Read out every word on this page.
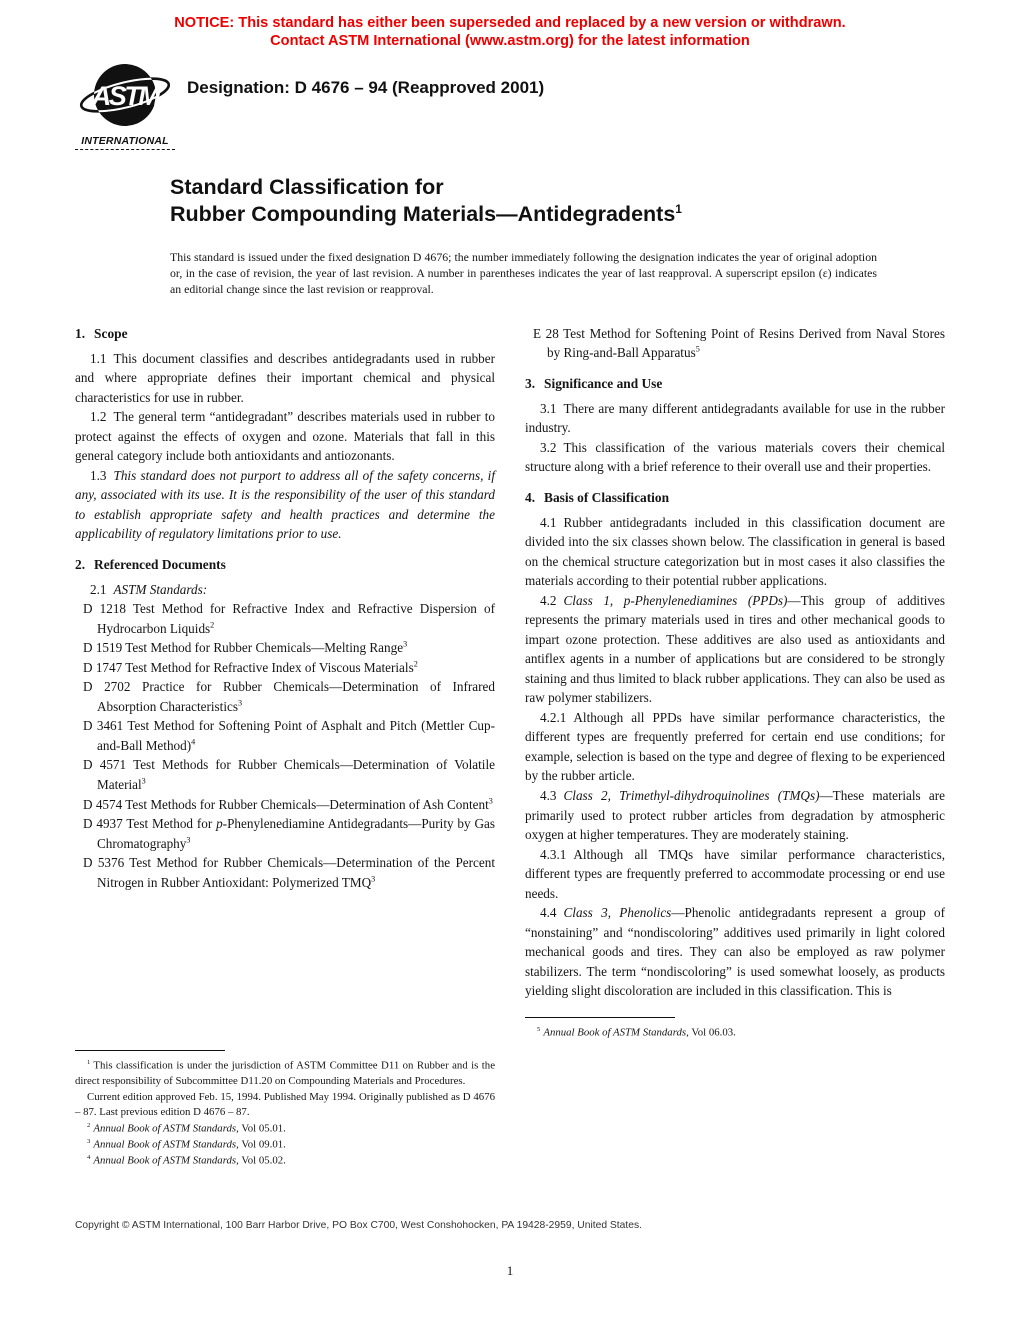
NOTICE: This standard has either been superseded and replaced by a new version or withdrawn.
Contact ASTM International (www.astm.org) for the latest information
ASTM
INTERNATIONAL
Designation: D 4676 – 94 (Reapproved 2001)
Standard Classification for
Rubber Compounding Materials—Antidegradents$^1$

This standard is issued under the fixed designation D 4676; the number immediately following the designation indicates the year of original adoption or, in the case of revision, the year of last revision. A number in parentheses indicates the year of last reapproval. A superscript epsilon (ε) indicates an editorial change since the last revision or reapproval.

1. Scope

1.1 This document classifies and describes antidegradants used in rubber and where appropriate defines their important chemical and physical characteristics for use in rubber.

1.2 The general term “antidegradant” describes materials used in rubber to protect against the effects of oxygen and ozone. Materials that fall in this general category include both antioxidants and antiozonants.

1.3 This standard does not purport to address all of the safety concerns, if any, associated with its use. It is the responsibility of the user of this standard to establish appropriate safety and health practices and determine the applicability of regulatory limitations prior to use.

2. Referenced Documents

2.1 ASTM Standards:

D 1218 Test Method for Refractive Index and Refractive Dispersion of Hydrocarbon Liquids$^2$

D 1519 Test Method for Rubber Chemicals—Melting Range$^3$

D 1747 Test Method for Refractive Index of Viscous Materials$^2$

D 2702 Practice for Rubber Chemicals—Determination of Infrared Absorption Characteristics$^3$

D 3461 Test Method for Softening Point of Asphalt and Pitch (Mettler Cup-and-Ball Method)$^4$

D 4571 Test Methods for Rubber Chemicals—Determination of Volatile Material$^3$

D 4574 Test Methods for Rubber Chemicals—Determination of Ash Content$^3$

D 4937 Test Method for p-Phenylenediamine Antidegradants—Purity by Gas Chromatography$^3$

D 5376 Test Method for Rubber Chemicals—Determination of the Percent Nitrogen in Rubber Antioxidant: Polymerized TMQ$^3$

$^1$ This classification is under the jurisdiction of ASTM Committee D11 on Rubber and is the direct responsibility of Subcommittee D11.20 on Compounding Materials and Procedures.

Current edition approved Feb. 15, 1994. Published May 1994. Originally published as D 4676 – 87. Last previous edition D 4676 – 87.

$^2$ Annual Book of ASTM Standards, Vol 05.01.

$^3$ Annual Book of ASTM Standards, Vol 09.01.

$^4$ Annual Book of ASTM Standards, Vol 05.02.

E 28 Test Method for Softening Point of Resins Derived from Naval Stores by Ring-and-Ball Apparatus$^5$

3. Significance and Use

3.1 There are many different antidegradants available for use in the rubber industry.

3.2 This classification of the various materials covers their chemical structure along with a brief reference to their overall use and their properties.

4. Basis of Classification

4.1 Rubber antidegradants included in this classification document are divided into the six classes shown below. The classification in general is based on the chemical structure categorization but in most cases it also classifies the materials according to their potential rubber applications.

4.2 Class 1, p-Phenylenediamines (PPDs)—This group of additives represents the primary materials used in tires and other mechanical goods to impart ozone protection. These additives are also used as antioxidants and antiflex agents in a number of applications but are considered to be strongly staining and thus limited to black rubber applications. They can also be used as raw polymer stabilizers.

4.2.1 Although all PPDs have similar performance characteristics, the different types are frequently preferred for certain end use conditions; for example, selection is based on the type and degree of flexing to be experienced by the rubber article.

4.3 Class 2, Trimethyl-dihydroquinolines (TMQs)—These materials are primarily used to protect rubber articles from degradation by atmospheric oxygen at higher temperatures. They are moderately staining.

4.3.1 Although all TMQs have similar performance characteristics, different types are frequently preferred to accommodate processing or end use needs.

4.4 Class 3, Phenolics—Phenolic antidegradants represent a group of “nonstaining” and “nondiscoloring” additives used primarily in light colored mechanical goods and tires. They can also be employed as raw polymer stabilizers. The term “nondiscoloring” is used somewhat loosely, as products yielding slight discoloration are included in this classification. This is

$^5$ Annual Book of ASTM Standards, Vol 06.03.

Copyright © ASTM International, 100 Barr Harbor Drive, PO Box C700, West Conshohocken, PA 19428-2959, United States.
1
